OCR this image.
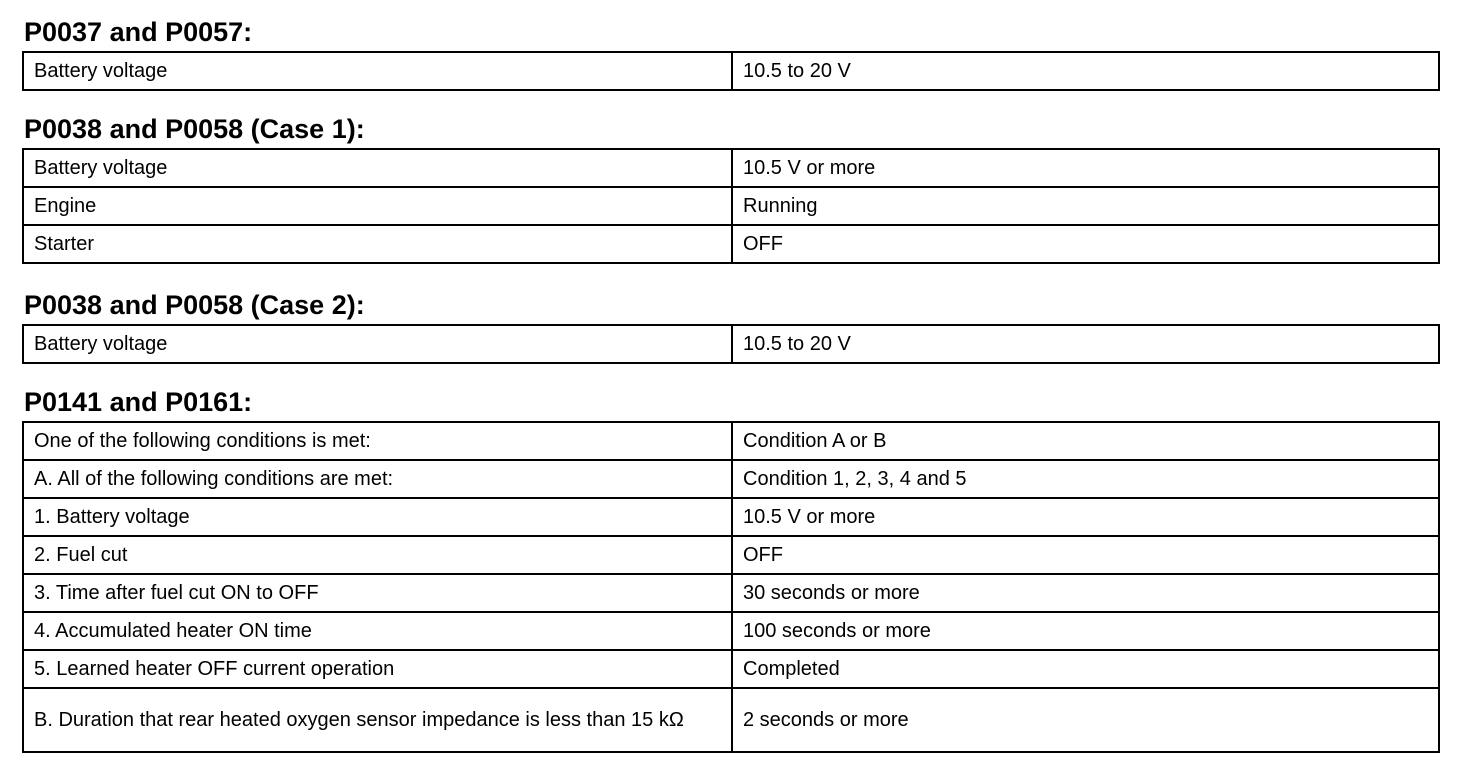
P0037 and P0057:
Battery voltage	10.5 to 20 V
P0038 and P0058 (Case 1):
Battery voltage	10.5 V or more
Engine	Running
Starter	OFF
P0038 and P0058 (Case 2):
Battery voltage	10.5 to 20 V
P0141 and P0161:
One of the following conditions is met:	Condition A or B
A. All of the following conditions are met:	Condition 1, 2, 3, 4 and 5
1. Battery voltage	10.5 V or more
2. Fuel cut	OFF
3. Time after fuel cut ON to OFF	30 seconds or more
4. Accumulated heater ON time	100 seconds or more
5. Learned heater OFF current operation	Completed
B. Duration that rear heated oxygen sensor impedance is less than 15 kΩ	2 seconds or more
